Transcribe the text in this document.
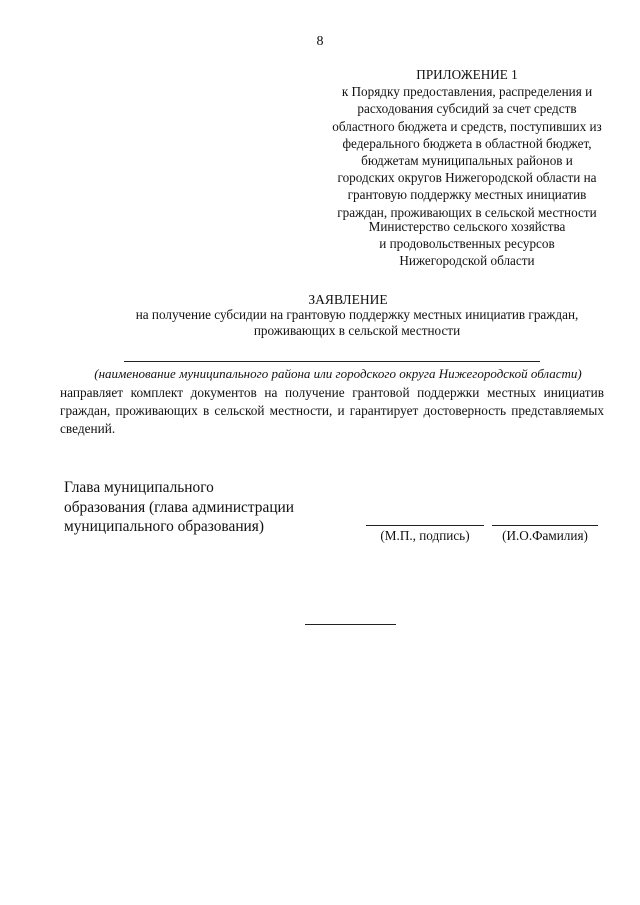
8
ПРИЛОЖЕНИЕ 1
к Порядку предоставления, распределения и
расходования субсидий за счет средств
областного бюджета и средств, поступивших из
федерального бюджета в областной бюджет,
бюджетам муниципальных районов и
городских округов Нижегородской области на
грантовую поддержку местных инициатив
граждан, проживающих в сельской местности
Министерство сельского хозяйства
и продовольственных ресурсов
Нижегородской области
ЗАЯВЛЕНИЕ
на получение субсидии на грантовую поддержку местных инициатив граждан,
проживающих в сельской местности
(наименование муниципального района или городского округа Нижегородской области)
направляет комплект документов на получение грантовой поддержки местных инициатив граждан, проживающих в сельской местности, и гарантирует достоверность представляемых сведений.
Глава муниципального
образования (глава администрации
муниципального образования)
(М.П., подпись)	(И.О.Фамилия)
